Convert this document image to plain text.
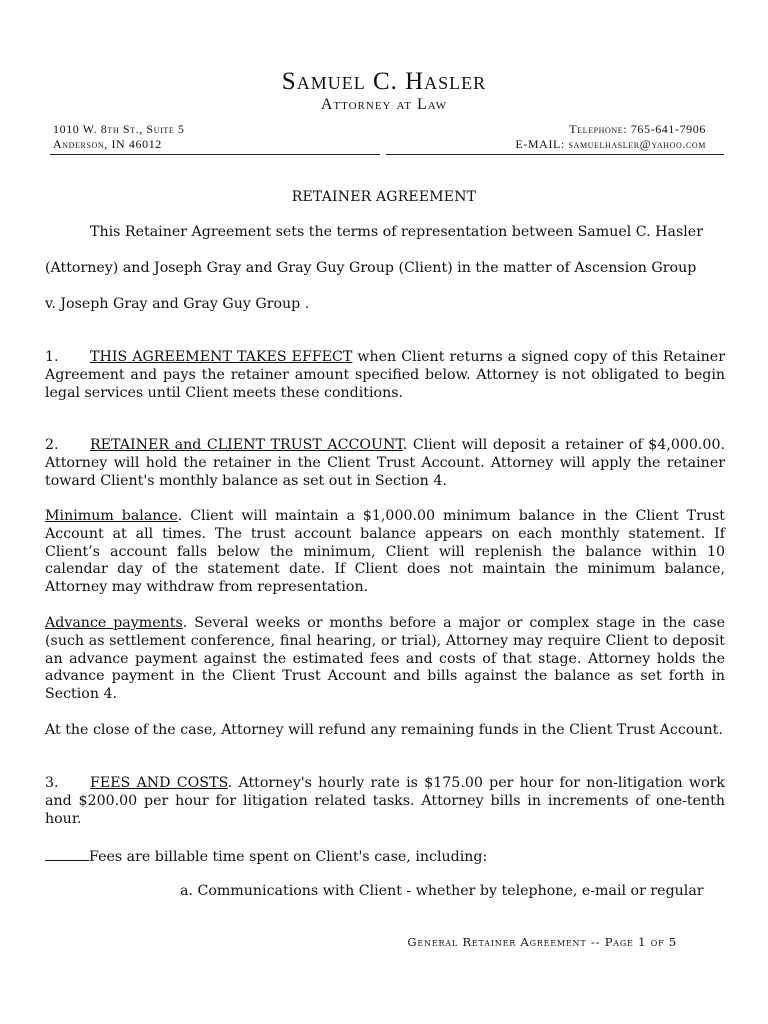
Samuel C. Hasler
Attorney at Law
1010 W. 8th St., Suite 5
Anderson, IN 46012
Telephone: 765-641-7906
E-MAIL: samuelhasler@yahoo.com
RETAINER AGREEMENT
This Retainer Agreement sets the terms of representation between Samuel C. Hasler
(Attorney) and Joseph Gray and Gray Guy Group (Client) in the matter of Ascension Group
v. Joseph Gray and Gray Guy Group .
1. THIS AGREEMENT TAKES EFFECT when Client returns a signed copy of this Retainer Agreement and pays the retainer amount specified below. Attorney is not obligated to begin legal services until Client meets these conditions.
2. RETAINER and CLIENT TRUST ACCOUNT. Client will deposit a retainer of $4,000.00. Attorney will hold the retainer in the Client Trust Account. Attorney will apply the retainer toward Client's monthly balance as set out in Section 4.
Minimum balance. Client will maintain a $1,000.00 minimum balance in the Client Trust Account at all times. The trust account balance appears on each monthly statement. If Client’s account falls below the minimum, Client will replenish the balance within 10 calendar day of the statement date. If Client does not maintain the minimum balance, Attorney may withdraw from representation.
Advance payments. Several weeks or months before a major or complex stage in the case (such as settlement conference, final hearing, or trial), Attorney may require Client to deposit an advance payment against the estimated fees and costs of that stage. Attorney holds the advance payment in the Client Trust Account and bills against the balance as set forth in Section 4.
At the close of the case, Attorney will refund any remaining funds in the Client Trust Account.
3. FEES AND COSTS. Attorney's hourly rate is $175.00 per hour for non-litigation work and $200.00 per hour for litigation related tasks. Attorney bills in increments of one-tenth hour.
Fees are billable time spent on Client's case, including:
a. Communications with Client - whether by telephone, e-mail or regular
General Retainer Agreement -- Page 1 of 5
